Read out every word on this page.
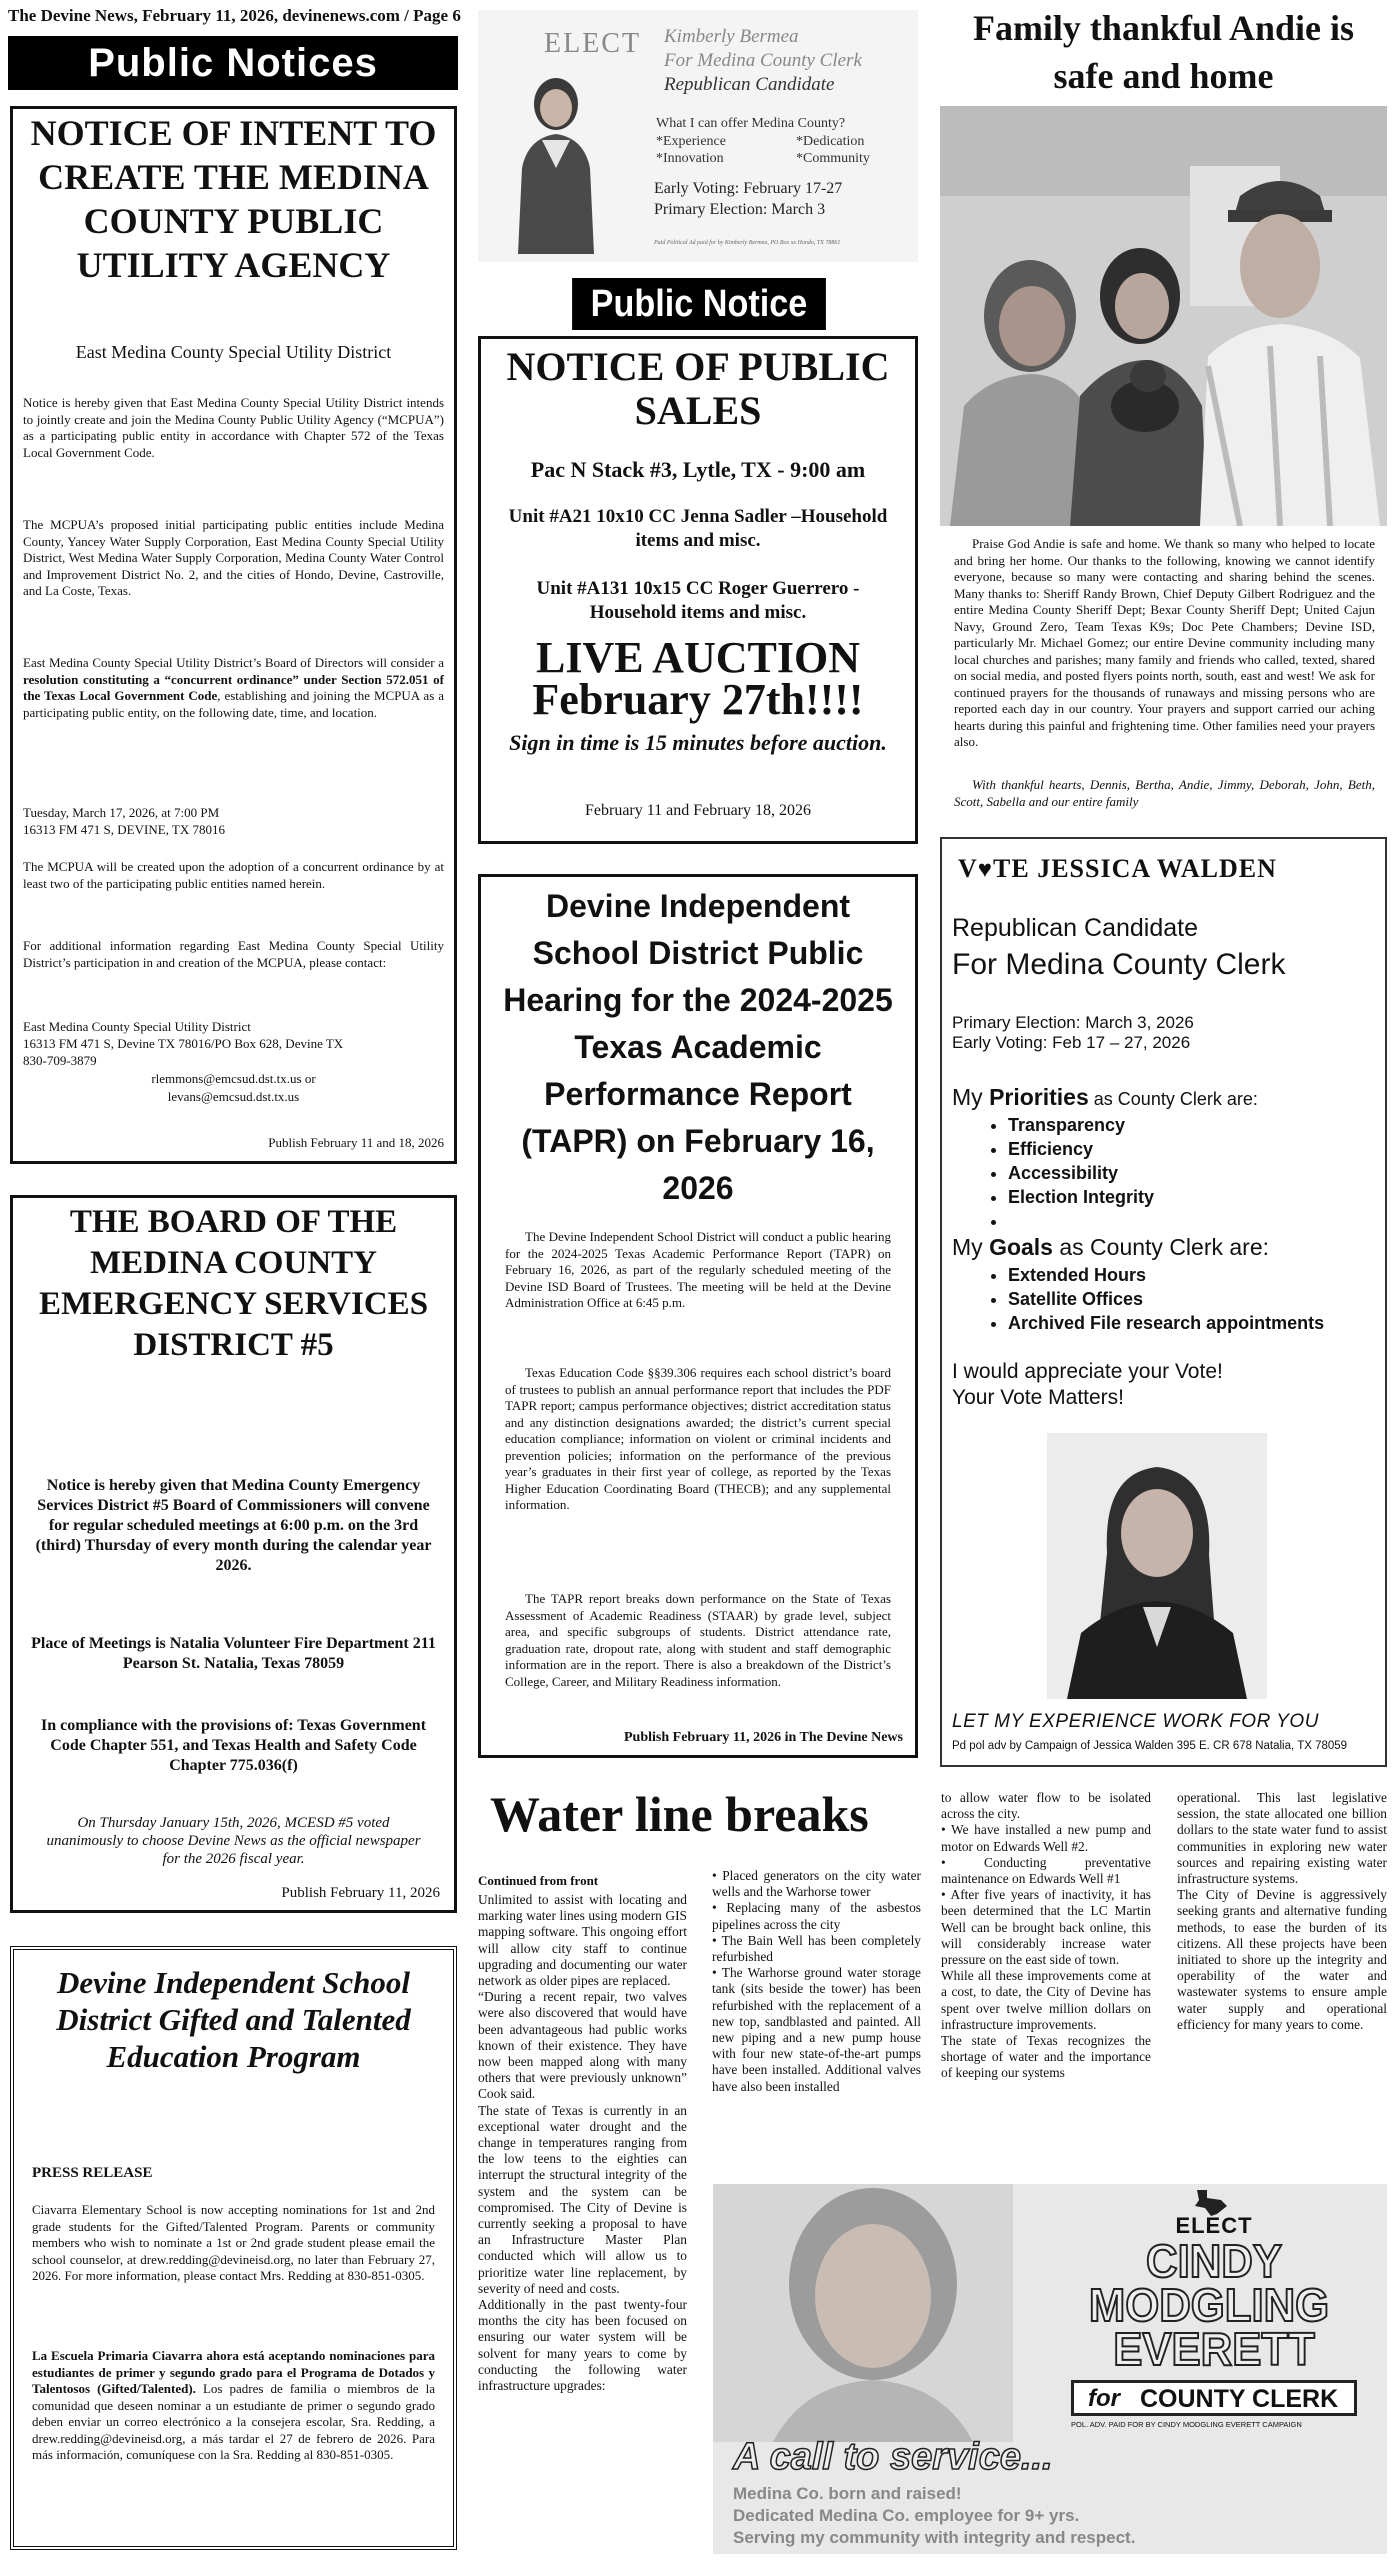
The Devine News, February 11, 2026, devinenews.com / Page 6
Public Notices
NOTICE OF INTENT TO CREATE THE MEDINA COUNTY PUBLIC UTILITY AGENCY
East Medina County Special Utility District

Notice is hereby given that East Medina County Special Utility District intends to jointly create and join the Medina County Public Utility Agency (“MCPUA”) as a participating public entity in accordance with Chapter 572 of the Texas Local Government Code.

The MCPUA’s proposed initial participating public entities include Medina County, Yancey Water Supply Corporation, East Medina County Special Utility District, West Medina Water Supply Corporation, Medina County Water Control and Improvement District No. 2, and the cities of Hondo, Devine, Castroville, and La Coste, Texas.

East Medina County Special Utility District’s Board of Directors will consider a resolution constituting a “concurrent ordinance” under Section 572.051 of the Texas Local Government Code, establishing and joining the MCPUA as a participating public entity, on the following date, time, and location.

Tuesday, March 17, 2026, at 7:00 PM

16313 FM 471 S, DEVINE, TX 78016

The MCPUA will be created upon the adoption of a concurrent ordinance by at least two of the participating public entities named herein.

For additional information regarding East Medina County Special Utility District’s participation in and creation of the MCPUA, please contact:

East Medina County Special Utility District

16313 FM 471 S, Devine TX 78016/PO Box 628, Devine TX

830-709-3879

rlemmons@emcsud.dst.tx.us or

levans@emcsud.dst.tx.us

Publish February 11 and 18, 2026

THE BOARD OF THE MEDINA COUNTY EMERGENCY SERVICES DISTRICT #5

Notice is hereby given that Medina County Emergency Services District #5 Board of Commissioners will convene for regular scheduled meetings at 6:00 p.m. on the 3rd (third) Thursday of every month during the calendar year 2026.

Place of Meetings is Natalia Volunteer Fire Department 211 Pearson St. Natalia, Texas 78059

In compliance with the provisions of: Texas Government Code Chapter 551, and Texas Health and Safety Code Chapter 775.036(f)

On Thursday January 15th, 2026, MCESD #5 voted unanimously to choose Devine News as the official newspaper for the 2026 fiscal year.

Publish February 11, 2026

Devine Independent School District Gifted and Talented Education Program

PRESS RELEASE

Ciavarra Elementary School is now accepting nominations for 1st and 2nd grade students for the Gifted/Talented Program. Parents or community members who wish to nominate a 1st or 2nd grade student please email the school counselor, at drew.redding@devineisd.org, no later than February 27, 2026. For more information, please contact Mrs. Redding at 830-851-0305.

La Escuela Primaria Ciavarra ahora está aceptando nominaciones para estudiantes de primer y segundo grado para el Programa de Dotados y Talentosos (Gifted/Talented). Los padres de familia o miembros de la comunidad que deseen nominar a un estudiante de primer o segundo grado deben enviar un correo electrónico a la consejera escolar, Sra. Redding, a drew.redding@devineisd.org, a más tardar el 27 de febrero de 2026. Para más información, comuníquese con la Sra. Redding al 830-851-0305.

ELECT Kimberly Bermea
For Medina County Clerk
Republican Candidate
What I can offer Medina County?
*Experience	*Dedication
*Innovation	*Community
Early Voting: February 17-27
Primary Election: March 3
Paid Political Ad paid for by Kimberly Bermea, PO Box xx Hondo, TX 78861
Public Notice
NOTICE OF PUBLIC SALES
Pac N Stack #3, Lytle, TX - 9:00 am
Unit #A21 10x10 CC Jenna Sadler –Household items and misc.
Unit #A131 10x15 CC Roger Guerrero - Household items and misc.
LIVE AUCTION February 27th!!!!
Sign in time is 15 minutes before auction.
February 11 and February 18, 2026
Devine Independent School District Public Hearing for the 2024-2025 Texas Academic Performance Report (TAPR) on February 16, 2026

The Devine Independent School District will conduct a public hearing for the 2024-2025 Texas Academic Performance Report (TAPR) on February 16, 2026, as part of the regularly scheduled meeting of the Devine ISD Board of Trustees. The meeting will be held at the Devine Administration Office at 6:45 p.m.

Texas Education Code §§39.306 requires each school district’s board of trustees to publish an annual performance report that includes the PDF TAPR report; campus performance objectives; district accreditation status and any distinction designations awarded; the district’s current special education compliance; information on violent or criminal incidents and prevention policies; information on the performance of the previous year’s graduates in their first year of college, as reported by the Texas Higher Education Coordinating Board (THECB); and any supplemental information.

The TAPR report breaks down performance on the State of Texas Assessment of Academic Readiness (STAAR) by grade level, subject area, and specific subgroups of students. District attendance rate, graduation rate, dropout rate, along with student and staff demographic information are in the report. There is also a breakdown of the District’s College, Career, and Military Readiness information.

Publish February 11, 2026 in The Devine News

Family thankful Andie is safe and home

Praise God Andie is safe and home. We thank so many who helped to locate and bring her home. Our thanks to the following, knowing we cannot identify everyone, because so many were contacting and sharing behind the scenes. Many thanks to: Sheriff Randy Brown, Chief Deputy Gilbert Rodriguez and the entire Medina County Sheriff Dept; Bexar County Sheriff Dept; United Cajun Navy, Ground Zero, Team Texas K9s; Doc Pete Chambers; Devine ISD, particularly Mr. Michael Gomez; our entire Devine community including many local churches and parishes; many family and friends who called, texted, shared on social media, and posted flyers points north, south, east and west! We ask for continued prayers for the thousands of runaways and missing persons who are reported each day in our country. Your prayers and support carried our aching hearts during this painful and frightening time. Other families need your prayers also.

With thankful hearts, Dennis, Bertha, Andie, Jimmy, Deborah, John, Beth, Scott, Sabella and our entire family

V♥TE JESSICA WALDEN
Republican Candidate
For Medina County Clerk
Primary Election: March 3, 2026
Early Voting: Feb 17 – 27, 2026
My Priorities as County Clerk are:
• Transparency
• Efficiency
• Accessibility
• Election Integrity
•
My Goals as County Clerk are:
• Extended Hours
• Satellite Offices
• Archived File research appointments
I would appreciate your Vote!
Your Vote Matters!
LET MY EXPERIENCE WORK FOR YOU
Pd pol adv by Campaign of Jessica Walden 395 E. CR 678 Natalia, TX 78059
Water line breaks
Continued from front
Unlimited to assist with locating and marking water lines using modern GIS mapping software. This ongoing effort will allow city staff to continue upgrading and documenting our water network as older pipes are replaced.
“During a recent repair, two valves were also discovered that would have been advantageous had public works known of their existence. They have now been mapped along with many others that were previously unknown” Cook said.
The state of Texas is currently in an exceptional water drought and the change in temperatures ranging from the low teens to the eighties can interrupt the structural integrity of the system and the system can be compromised. The City of Devine is currently seeking a proposal to have an Infrastructure Master Plan conducted which will allow us to prioritize water line replacement, by severity of need and costs.
Additionally in the past twenty-four months the city has been focused on ensuring our water system will be solvent for many years to come by conducting the following water infrastructure upgrades:
• Placed generators on the city water wells and the Warhorse tower
• Replacing many of the asbestos pipelines across the city
• The Bain Well has been completely refurbished
• The Warhorse ground water storage tank (sits beside the tower) has been refurbished with the replacement of a new top, sandblasted and painted. All new piping and a new pump house with four new state-of-the-art pumps have been installed. Additional valves have also been installed
to allow water flow to be isolated across the city.
• We have installed a new pump and motor on Edwards Well #2.
• Conducting preventative maintenance on Edwards Well #1
• After five years of inactivity, it has been determined that the LC Martin Well can be brought back online, this will considerably increase water pressure on the east side of town.
While all these improvements come at a cost, to date, the City of Devine has spent over twelve million dollars on infrastructure improvements.
The state of Texas recognizes the shortage of water and the importance of keeping our systems
operational. This last legislative session, the state allocated one billion dollars to the state water fund to assist communities in exploring new water sources and repairing existing water infrastructure systems.
The City of Devine is aggressively seeking grants and alternative funding methods, to ease the burden of its citizens. All these projects have been initiated to shore up the integrity and operability of the water and wastewater systems to ensure ample water supply and operational efficiency for many years to come.
ELECT
CINDY
MODGLING
EVERETT
for COUNTY CLERK
POL. ADV. PAID FOR BY CINDY MODGLING EVERETT CAMPAIGN
A call to service...
Medina Co. born and raised!
Dedicated Medina Co. employee for 9+ yrs.
Serving my community with integrity and respect.
